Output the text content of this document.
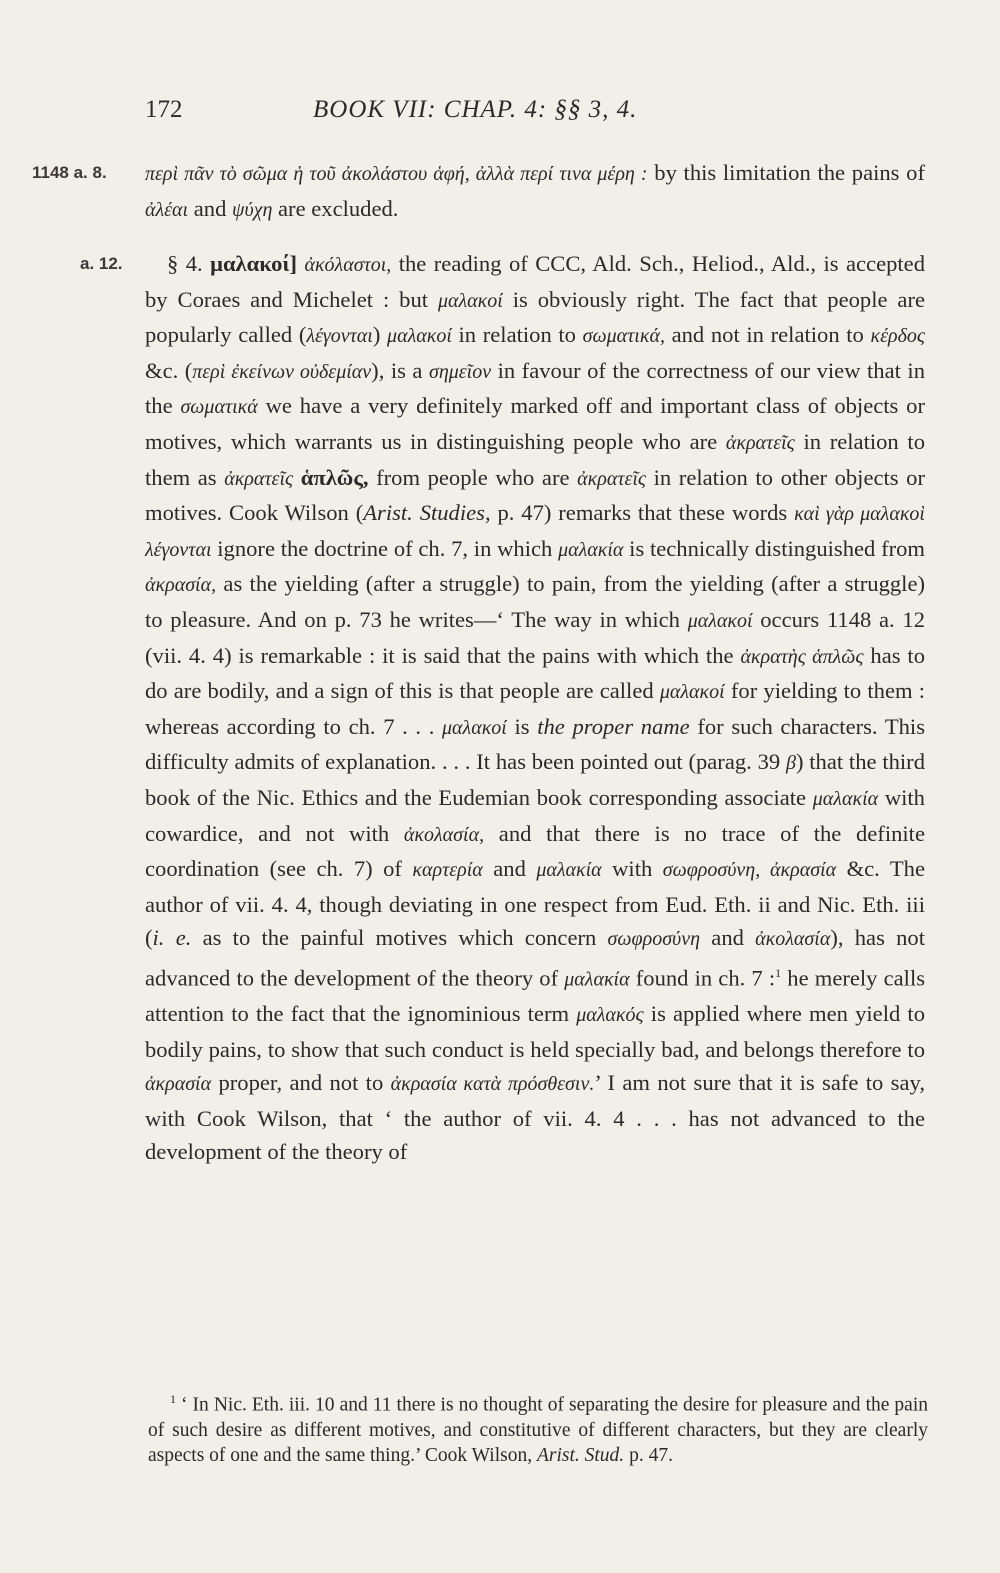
172	BOOK VII: CHAP. 4: §§ 3, 4.
1148 a. 8. περὶ πᾶν τὸ σῶμα ἡ τοῦ ἀκολάστου ἁφή, ἀλλὰ περί τινα μέρη : by this limitation the pains of ἀλέαι and ψύχη are excluded.

a. 12.	§ 4. μαλακοί] ἀκόλαστοι, the reading of CCC, Ald. Sch., Heliod., Ald., is accepted by Coraes and Michelet : but μαλακοί is obviously right. The fact that people are popularly called (λέγονται) μαλακοί in relation to σωματικά, and not in relation to κέρδος &c. (περὶ ἐκείνων οὐδεμίαν), is a σημεῖον in favour of the correctness of our view that in the σωματικά we have a very definitely marked off and important class of objects or motives, which warrants us in distinguishing people who are ἀκρατεῖς in relation to them as ἀκρατεῖς ἁπλῶς, from people who are ἀκρατεῖς in relation to other objects or motives. Cook Wilson (Arist. Studies, p. 47) remarks that these words καὶ γὰρ μαλακοὶ λέγονται ignore the doctrine of ch. 7, in which μαλακία is technically distinguished from ἀκρασία, as the yielding (after a struggle) to pain, from the yielding (after a struggle) to pleasure. And on p. 73 he writes—‘ The way in which μαλακοί occurs 1148 a. 12 (vii. 4. 4) is remarkable : it is said that the pains with which the ἀκρατὴς ἁπλῶς has to do are bodily, and a sign of this is that people are called μαλακοί for yielding to them : whereas according to ch. 7 . . . μαλακοί is the proper name for such characters. This difficulty admits of explanation. . . . It has been pointed out (parag. 39 β) that the third book of the Nic. Ethics and the Eudemian book corresponding associate μαλακία with cowardice, and not with ἀκολασία, and that there is no trace of the definite coordination (see ch. 7) of καρτερία and μαλακία with σωφροσύνη, ἀκρασία &c. The author of vii. 4. 4, though deviating in one respect from Eud. Eth. ii and Nic. Eth. iii (i. e. as to the painful motives which concern σωφροσύνη and ἀκολασία), has not advanced to the development of the theory of μαλακία found in ch. 7 :$^1$ he merely calls attention to the fact that the ignominious term μαλακός is applied where men yield to bodily pains, to show that such conduct is held specially bad, and belongs therefore to ἀκρασία proper, and not to ἀκρασία κατὰ πρόσθεσιν.’ I am not sure that it is safe to say, with Cook Wilson, that ‘ the author of vii. 4. 4 . . . has not advanced to the development of the theory of

$^1$ ‘ In Nic. Eth. iii. 10 and 11 there is no thought of separating the desire for pleasure and the pain of such desire as different motives, and constitutive of different characters, but they are clearly aspects of one and the same thing.’ Cook Wilson, Arist. Stud. p. 47.
